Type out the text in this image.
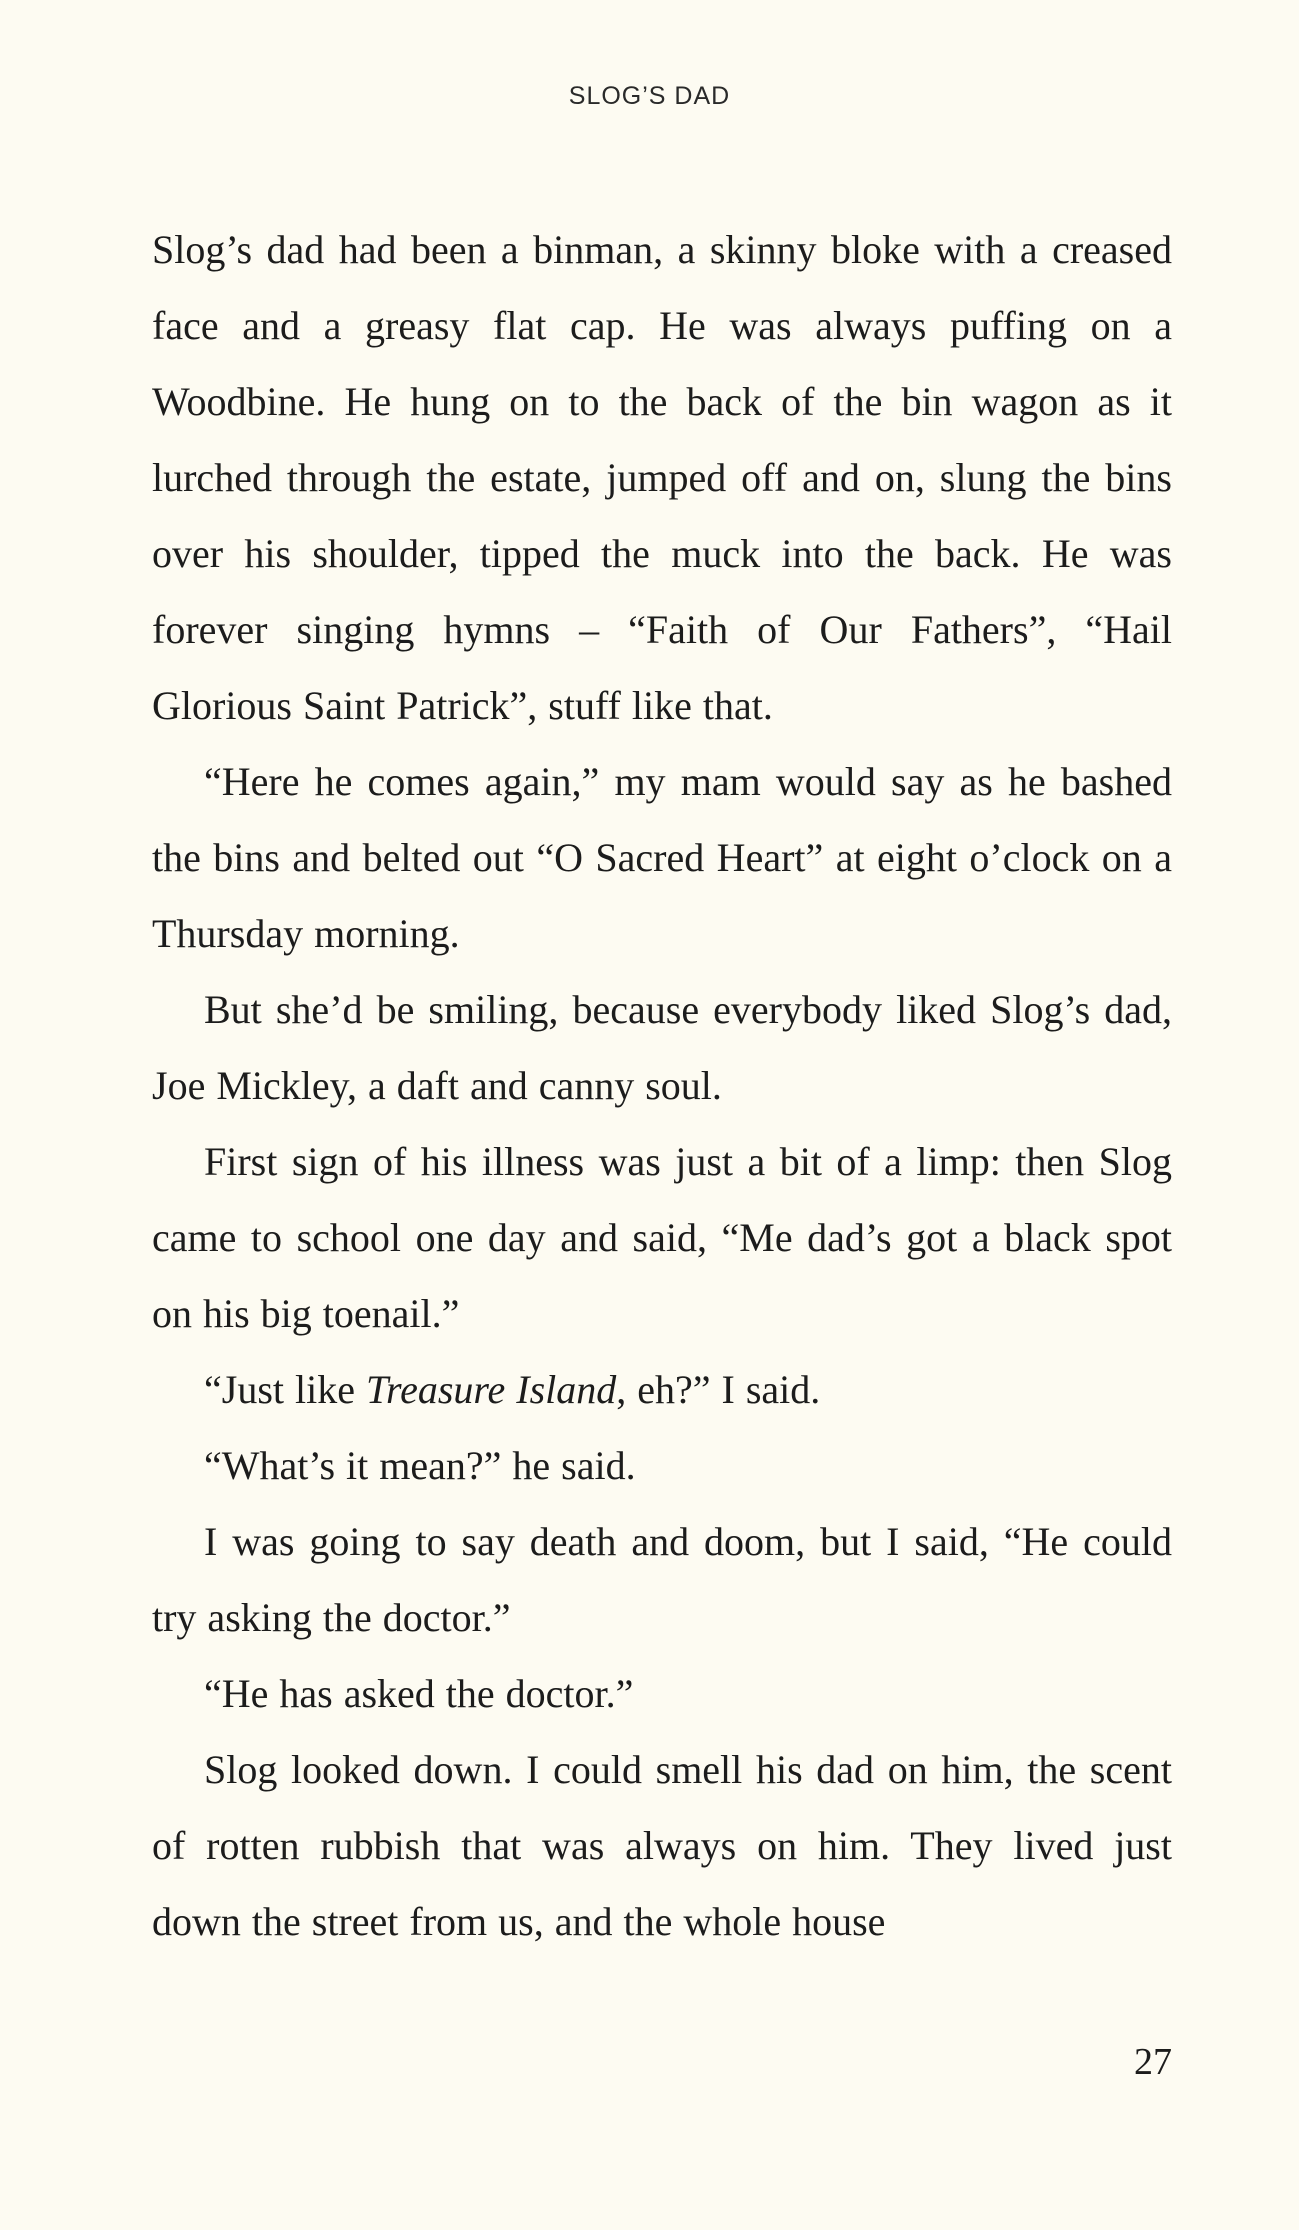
SLOG’S DAD

Slog’s dad had been a binman, a skinny bloke with a creased face and a greasy flat cap. He was always puffing on a Woodbine. He hung on to the back of the bin wagon as it lurched through the estate, jumped off and on, slung the bins over his shoulder, tipped the muck into the back. He was forever singing hymns – “Faith of Our Fathers”, “Hail Glorious Saint Patrick”, stuff like that.

“Here he comes again,” my mam would say as he bashed the bins and belted out “O Sacred Heart” at eight o’clock on a Thursday morning.

But she’d be smiling, because everybody liked Slog’s dad, Joe Mickley, a daft and canny soul.

First sign of his illness was just a bit of a limp: then Slog came to school one day and said, “Me dad’s got a black spot on his big toenail.”

“Just like Treasure Island, eh?” I said.

“What’s it mean?” he said.

I was going to say death and doom, but I said, “He could try asking the doctor.”

“He has asked the doctor.”

Slog looked down. I could smell his dad on him, the scent of rotten rubbish that was always on him. They lived just down the street from us, and the whole house

27
